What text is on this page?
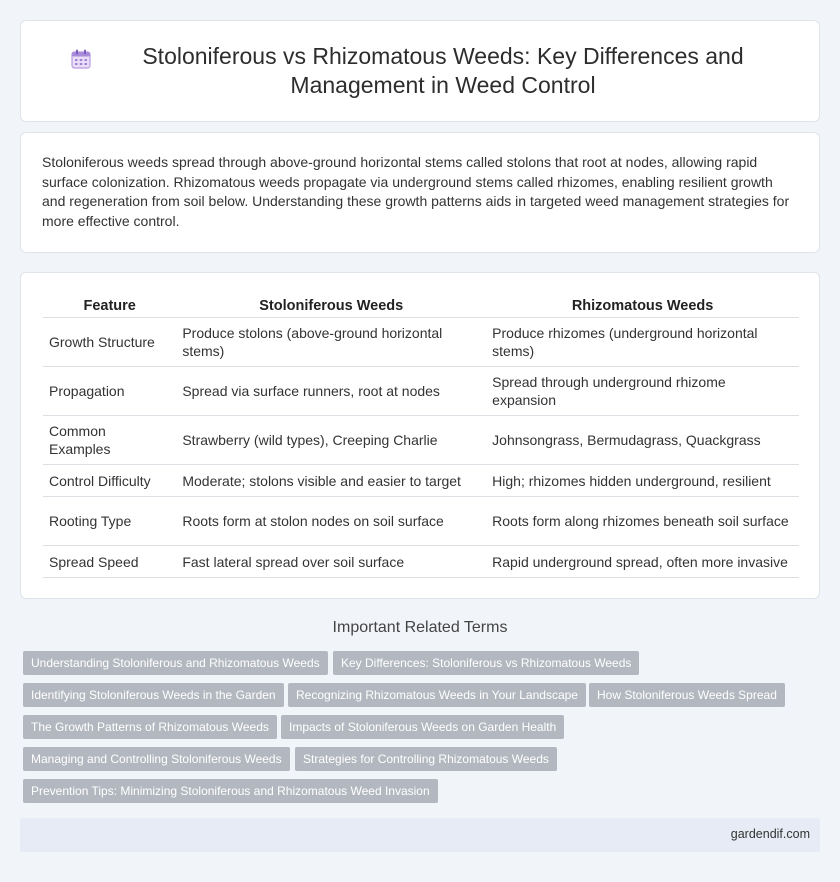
Stoloniferous vs Rhizomatous Weeds: Key Differences and Management in Weed Control

Stoloniferous weeds spread through above-ground horizontal stems called stolons that root at nodes, allowing rapid surface colonization. Rhizomatous weeds propagate via underground stems called rhizomes, enabling resilient growth and regeneration from soil below. Understanding these growth patterns aids in targeted weed management strategies for more effective control.

Feature	Stoloniferous Weeds	Rhizomatous Weeds
Growth Structure	Produce stolons (above-ground horizontal stems)	Produce rhizomes (underground horizontal stems)
Propagation	Spread via surface runners, root at nodes	Spread through underground rhizome expansion
Common Examples	Strawberry (wild types), Creeping Charlie	Johnsongrass, Bermudagrass, Quackgrass
Control Difficulty	Moderate; stolons visible and easier to target	High; rhizomes hidden underground, resilient
Rooting Type	Roots form at stolon nodes on soil surface	Roots form along rhizomes beneath soil surface
Spread Speed	Fast lateral spread over soil surface	Rapid underground spread, often more invasive
Important Related Terms
Understanding Stoloniferous and Rhizomatous Weeds	Key Differences: Stoloniferous vs Rhizomatous Weeds
Identifying Stoloniferous Weeds in the Garden	Recognizing Rhizomatous Weeds in Your Landscape	How Stoloniferous Weeds Spread
The Growth Patterns of Rhizomatous Weeds	Impacts of Stoloniferous Weeds on Garden Health
Managing and Controlling Stoloniferous Weeds	Strategies for Controlling Rhizomatous Weeds
Prevention Tips: Minimizing Stoloniferous and Rhizomatous Weed Invasion
gardendif.com
